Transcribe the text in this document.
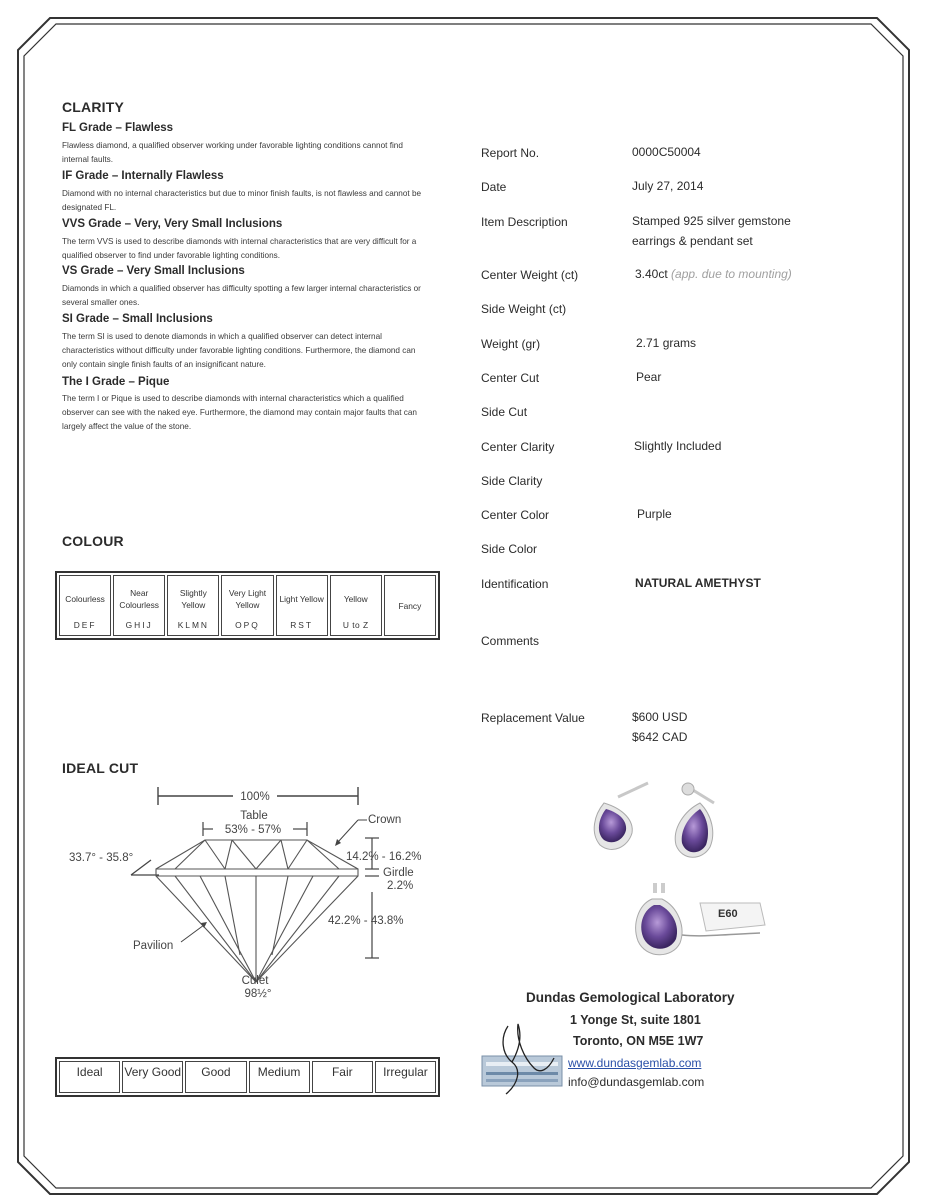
CLARITY
FL Grade – Flawless
Flawless diamond, a qualified observer working under favorable lighting conditions cannot find internal faults.
IF Grade – Internally Flawless
Diamond with no internal characteristics but due to minor finish faults, is not flawless and cannot be designated FL.
VVS Grade – Very, Very Small Inclusions
The term VVS is used to describe diamonds with internal characteristics that are very difficult for a qualified observer to find under favorable lighting conditions.
VS Grade – Very Small Inclusions
Diamonds in which a qualified observer has difficulty spotting a few larger internal characteristics or several smaller ones.
SI Grade – Small Inclusions
The term SI is used to denote diamonds in which a qualified observer can detect internal characteristics without difficulty under favorable lighting conditions. Furthermore, the diamond can only contain single finish faults of an insignificant nature.
The I Grade – Pique
The term I or Pique is used to describe diamonds with internal characteristics which a qualified observer can see with the naked eye. Furthermore, the diamond may contain major faults that can largely affect the value of the stone.
COLOUR
Colourless
DEF
Near Colourless
GHIJ
Slightly Yellow
KLMN
Very Light Yellow
OPQ
Light Yellow
RST
Yellow
U to Z
Fancy
IDEAL CUT
100%
Table
53% - 57%
Crown
33.7° - 35.8°	14.2% - 16.2%
Girdle
2.2%
42.2% - 43.8%
Pavilion
Culet
98½°
Ideal	Very Good	Good	Medium	Fair	Irregular
Report No.	0000C50004
Date	July 27, 2014
Item Description	Stamped 925 silver gemstone
earrings & pendant set
Center Weight (ct)	3.40ct (app. due to mounting)
Side Weight (ct)
Weight (gr)	2.71 grams
Center Cut	Pear
Side Cut
Center Clarity	Slightly Included
Side Clarity
Center Color	Purple
Side Color
Identification	NATURAL AMETHYST
Comments
Replacement Value	$600 USD
$642 CAD
E60
Dundas Gemological Laboratory
1 Yonge St, suite 1801
Toronto, ON M5E 1W7
www.dundasgemlab.com
info@dundasgemlab.com
